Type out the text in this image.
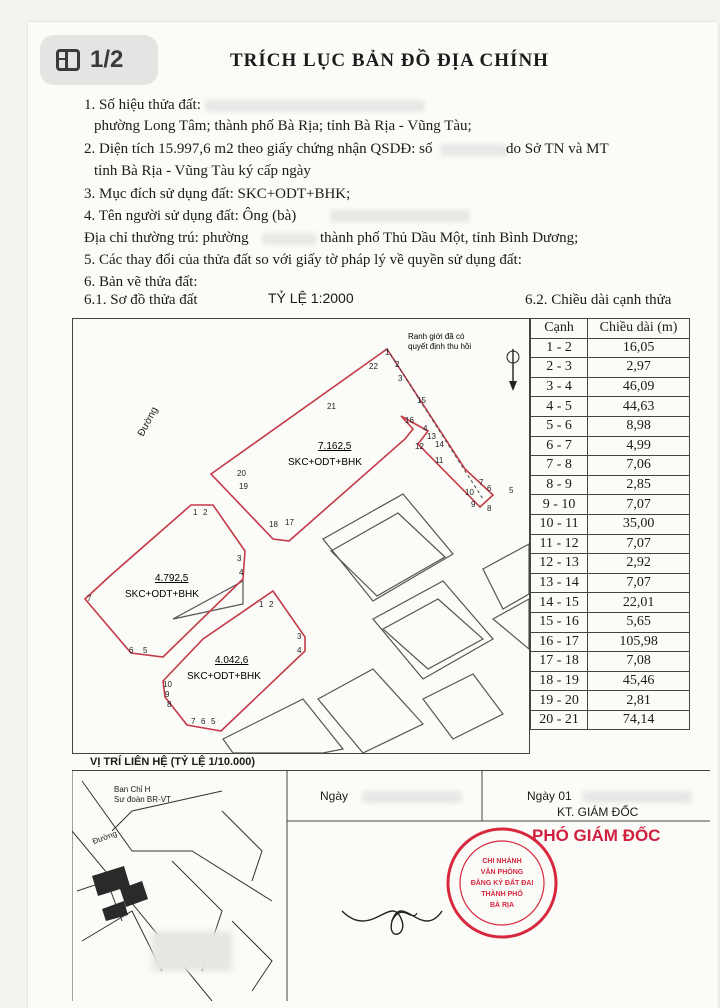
1/2	TRÍCH LỤC BẢN ĐỒ ĐỊA CHÍNH
1. Số hiệu thửa đất:
phường Long Tâm; thành phố Bà Rịa; tỉnh Bà Rịa - Vũng Tàu;
2. Diện tích 15.997,6 m2 theo giấy chứng nhận QSDĐ: số	do Sở TN và MT
tỉnh Bà Rịa - Vũng Tàu ký cấp ngày
3. Mục đích sử dụng đất: SKC+ODT+BHK;
4. Tên người sử dụng đất: Ông (bà)
Địa chỉ thường trú: phường	thành phố Thủ Dầu Một, tỉnh Bình Dương;
5. Các thay đổi của thửa đất so với giấy tờ pháp lý về quyền sử dụng đất:
6. Bản vẽ thửa đất:
6.1. Sơ đồ thửa đất	TỶ LỆ 1:2000	6.2. Chiều dài cạnh thửa
Đường
7.162,5
SKC+ODT+BHK
Ranh giới đã có
quyết định thu hồi
1
2
22
3
15
21
16
4
13
14
12
11
20
19
18 17
10
9
7
6
8
5
4.792,5
SKC+ODT+BHK
1 2
3
4
7
6 5
4.042,6
SKC+ODT+BHK
1 2
3
4
10
9
8
7 6 5
Cạnh	Chiều dài (m)
1 - 2	16,05
2 - 3	2,97
3 - 4	46,09
4 - 5	44,63
5 - 6	8,98
6 - 7	4,99
7 - 8	7,06
8 - 9	2,85
9 - 10	7,07
10 - 11	35,00
11 - 12	7,07
12 - 13	2,92
13 - 14	7,07
14 - 15	22,01
15 - 16	5,65
16 - 17	105,98
17 - 18	7,08
18 - 19	45,46
19 - 20	2,81
20 - 21	74,14
VỊ TRÍ LIÊN HỆ (TỶ LỆ 1/10.000)
Ban Chỉ H
Sư đoàn BR-VT
Đường
Ngày	Ngày 01
KT. GIÁM ĐỐC
CHI NHÁNH
VĂN PHÒNG
ĐĂNG KÝ ĐẤT ĐAI
THÀNH PHỐ
BÀ RỊA
PHÓ GIÁM ĐỐC
